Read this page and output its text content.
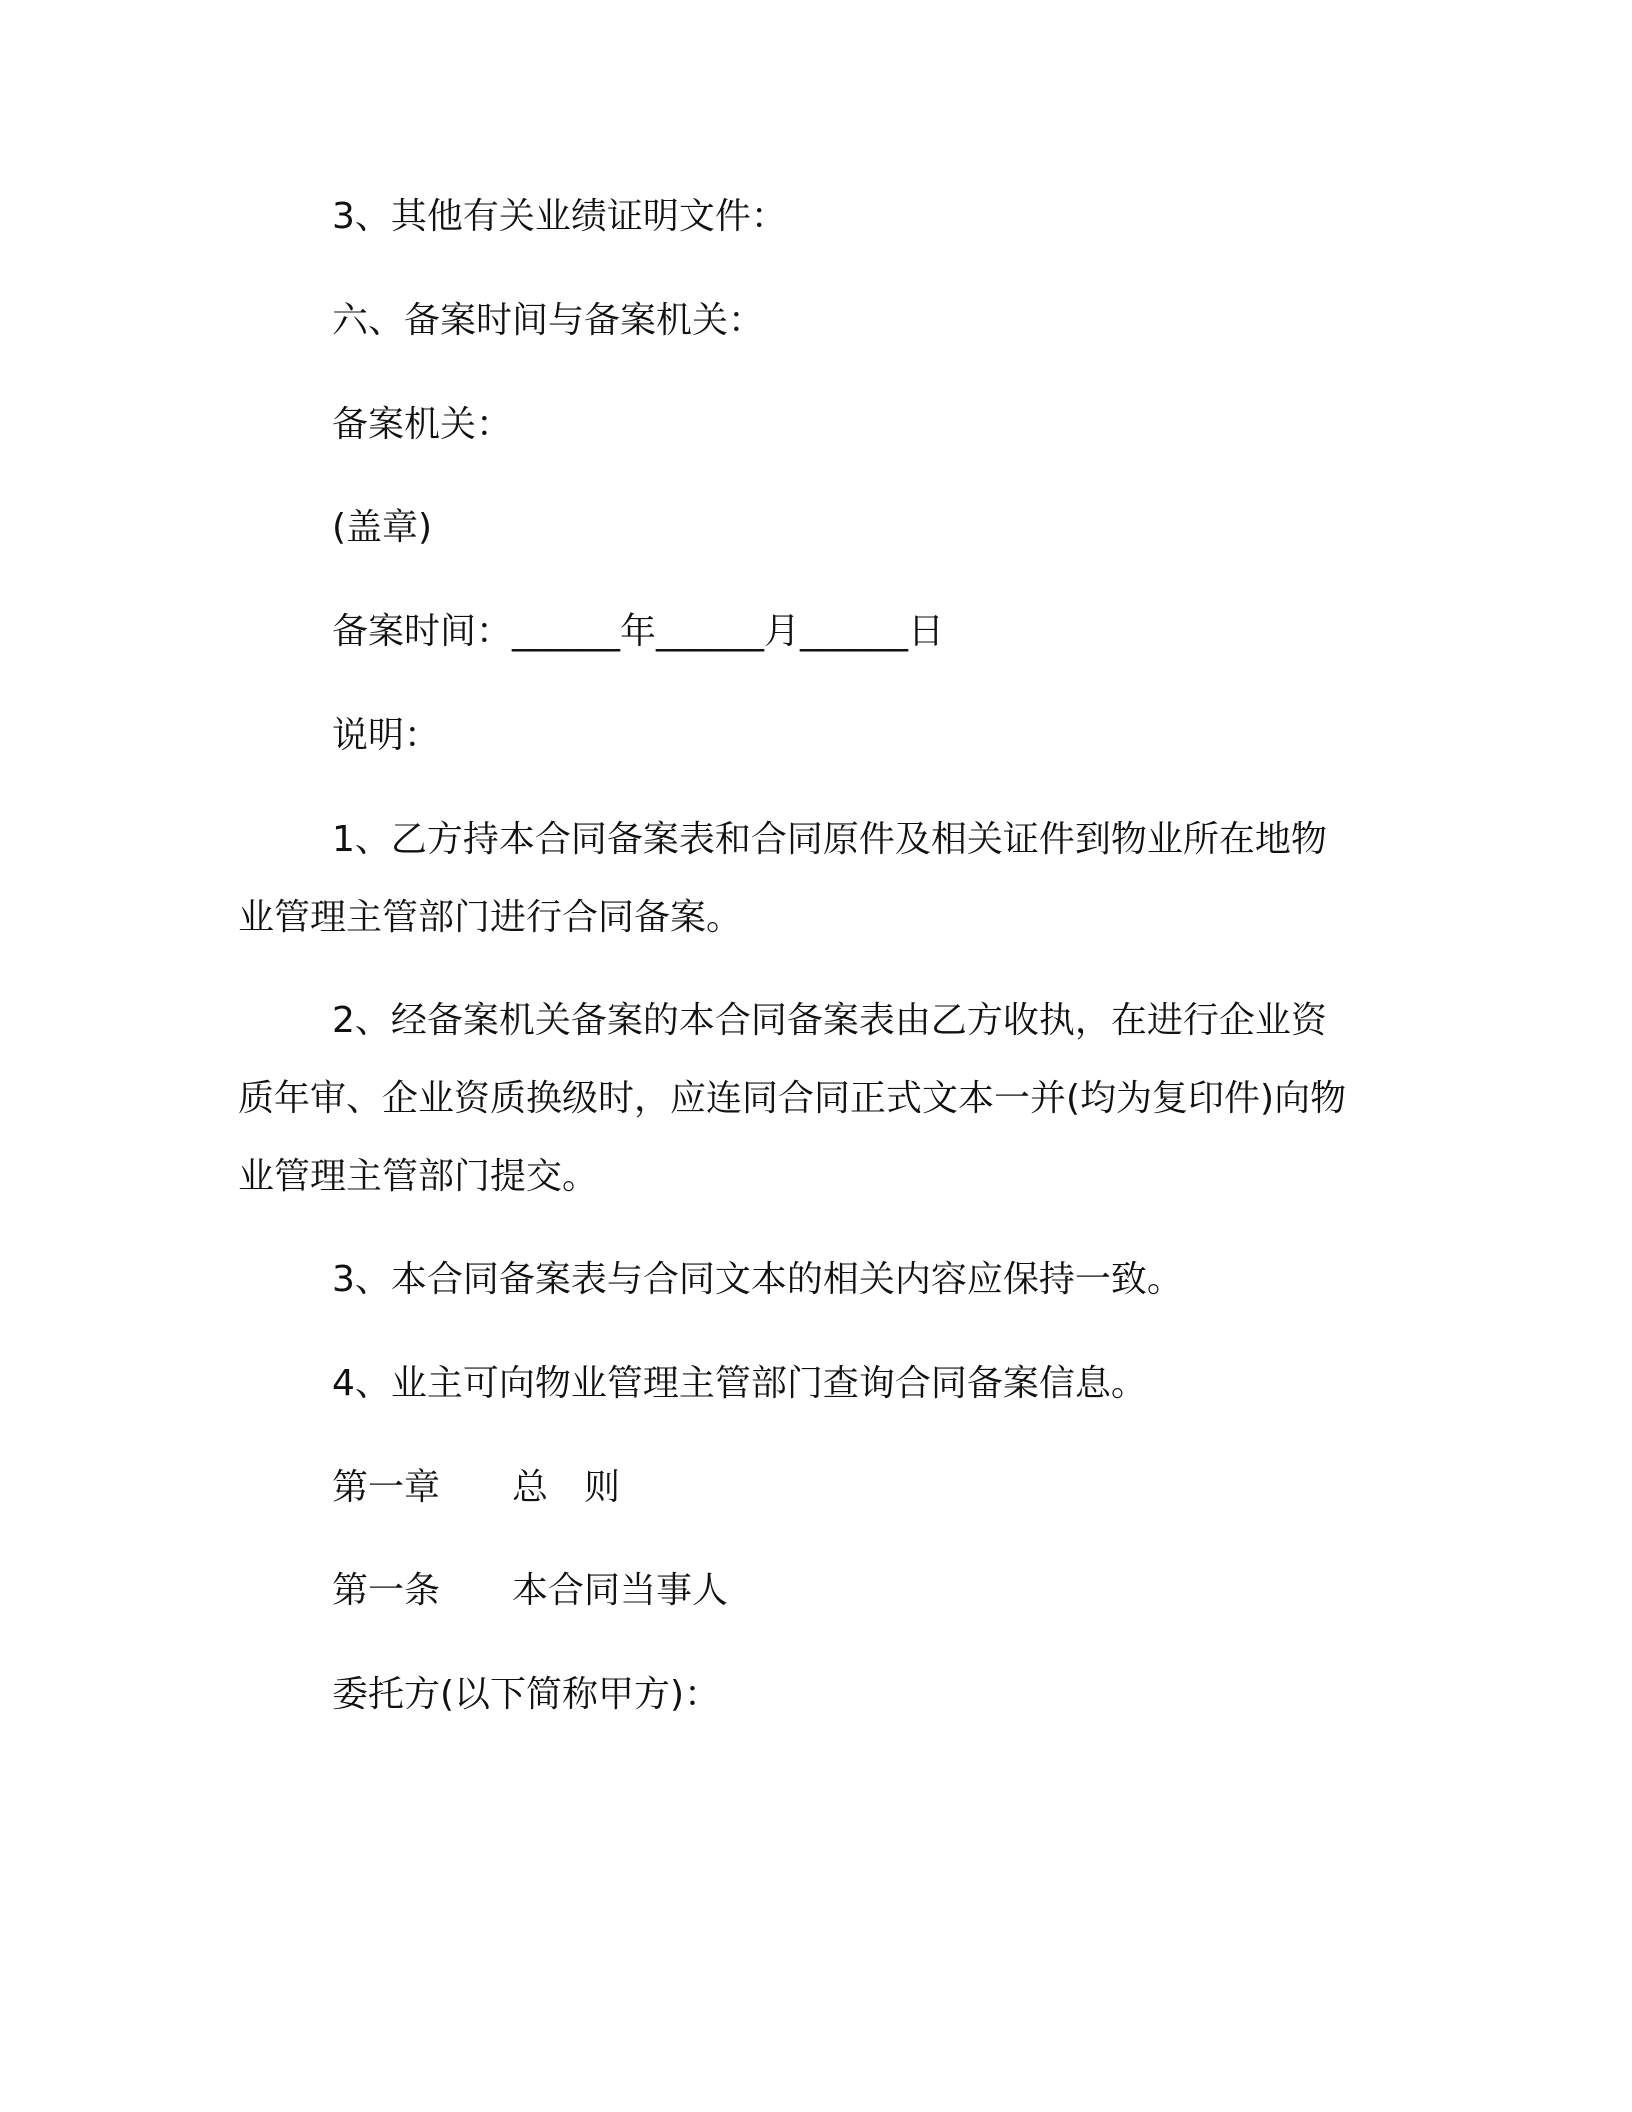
3、其他有关业绩证明文件：
六、备案时间与备案机关：
备案机关：
(盖章)
备案时间：______年______月______日
说明：
1、乙方持本合同备案表和合同原件及相关证件到物业所在地物
业管理主管部门进行合同备案。
2、经备案机关备案的本合同备案表由乙方收执，在进行企业资
质年审、企业资质换级时，应连同合同正式文本一并(均为复印件)向物
业管理主管部门提交。
3、本合同备案表与合同文本的相关内容应保持一致。
4、业主可向物业管理主管部门查询合同备案信息。
第一章　　总　则
第一条　　本合同当事人
委托方(以下简称甲方)：
